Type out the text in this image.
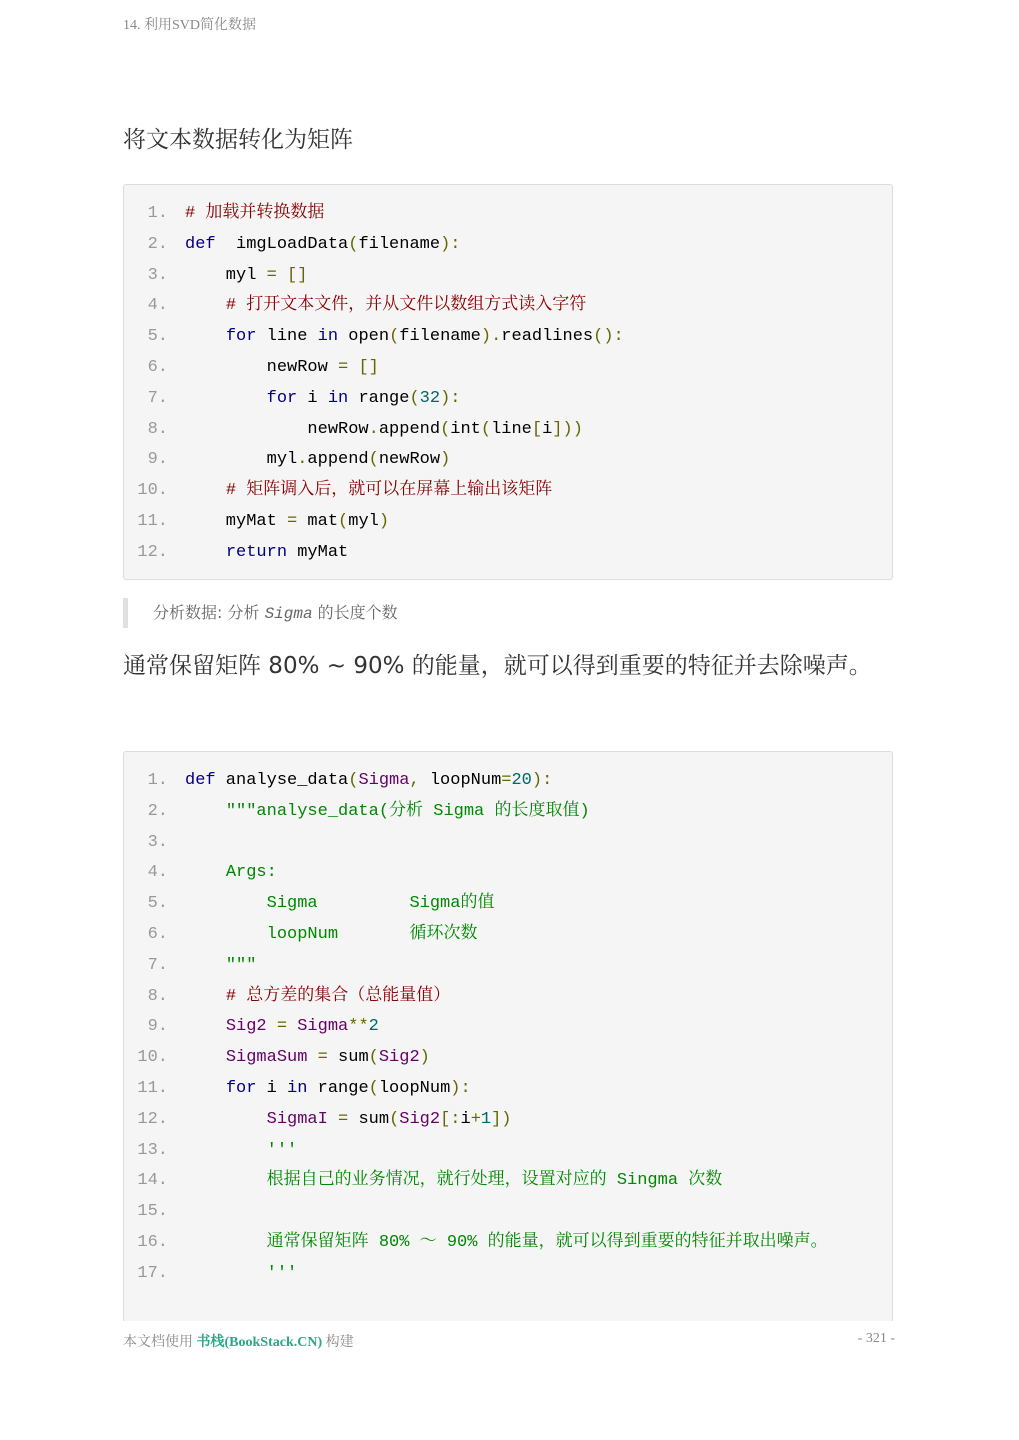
14. 利用SVD简化数据
将文本数据转化为矩阵
1.	# 加载并转换数据
2.	def  imgLoadData(filename):
3.	myl = []
4.	# 打开文本文件，并从文件以数组方式读入字符
5.	for line in open(filename).readlines():
6.	newRow = []
7.	for i in range(32):
8.	newRow.append(int(line[i]))
9.	myl.append(newRow)
10.	# 矩阵调入后，就可以在屏幕上输出该矩阵
11.	myMat = mat(myl)
12.	return myMat
分析数据: 分析 Sigma 的长度个数
通常保留矩阵 80% ~ 90% 的能量，就可以得到重要的特征并去除噪声。
1.	def analyse_data(Sigma, loopNum=20):
2.	"""analyse_data(分析 Sigma 的长度取值)
3.
4.	Args:
5.	Sigma         Sigma的值
6.	loopNum       循环次数
7.	"""
8.	# 总方差的集合（总能量值）
9.	Sig2 = Sigma**2
10.	SigmaSum = sum(Sig2)
11.	for i in range(loopNum):
12.	SigmaI = sum(Sig2[:i+1])
13.	'''
14.	根据自己的业务情况，就行处理，设置对应的 Singma 次数
15.
16.	通常保留矩阵 80% ～ 90% 的能量，就可以得到重要的特征并取出噪声。
17.	'''
本文档使用 书栈(BookStack.CN) 构建	- 321 -
